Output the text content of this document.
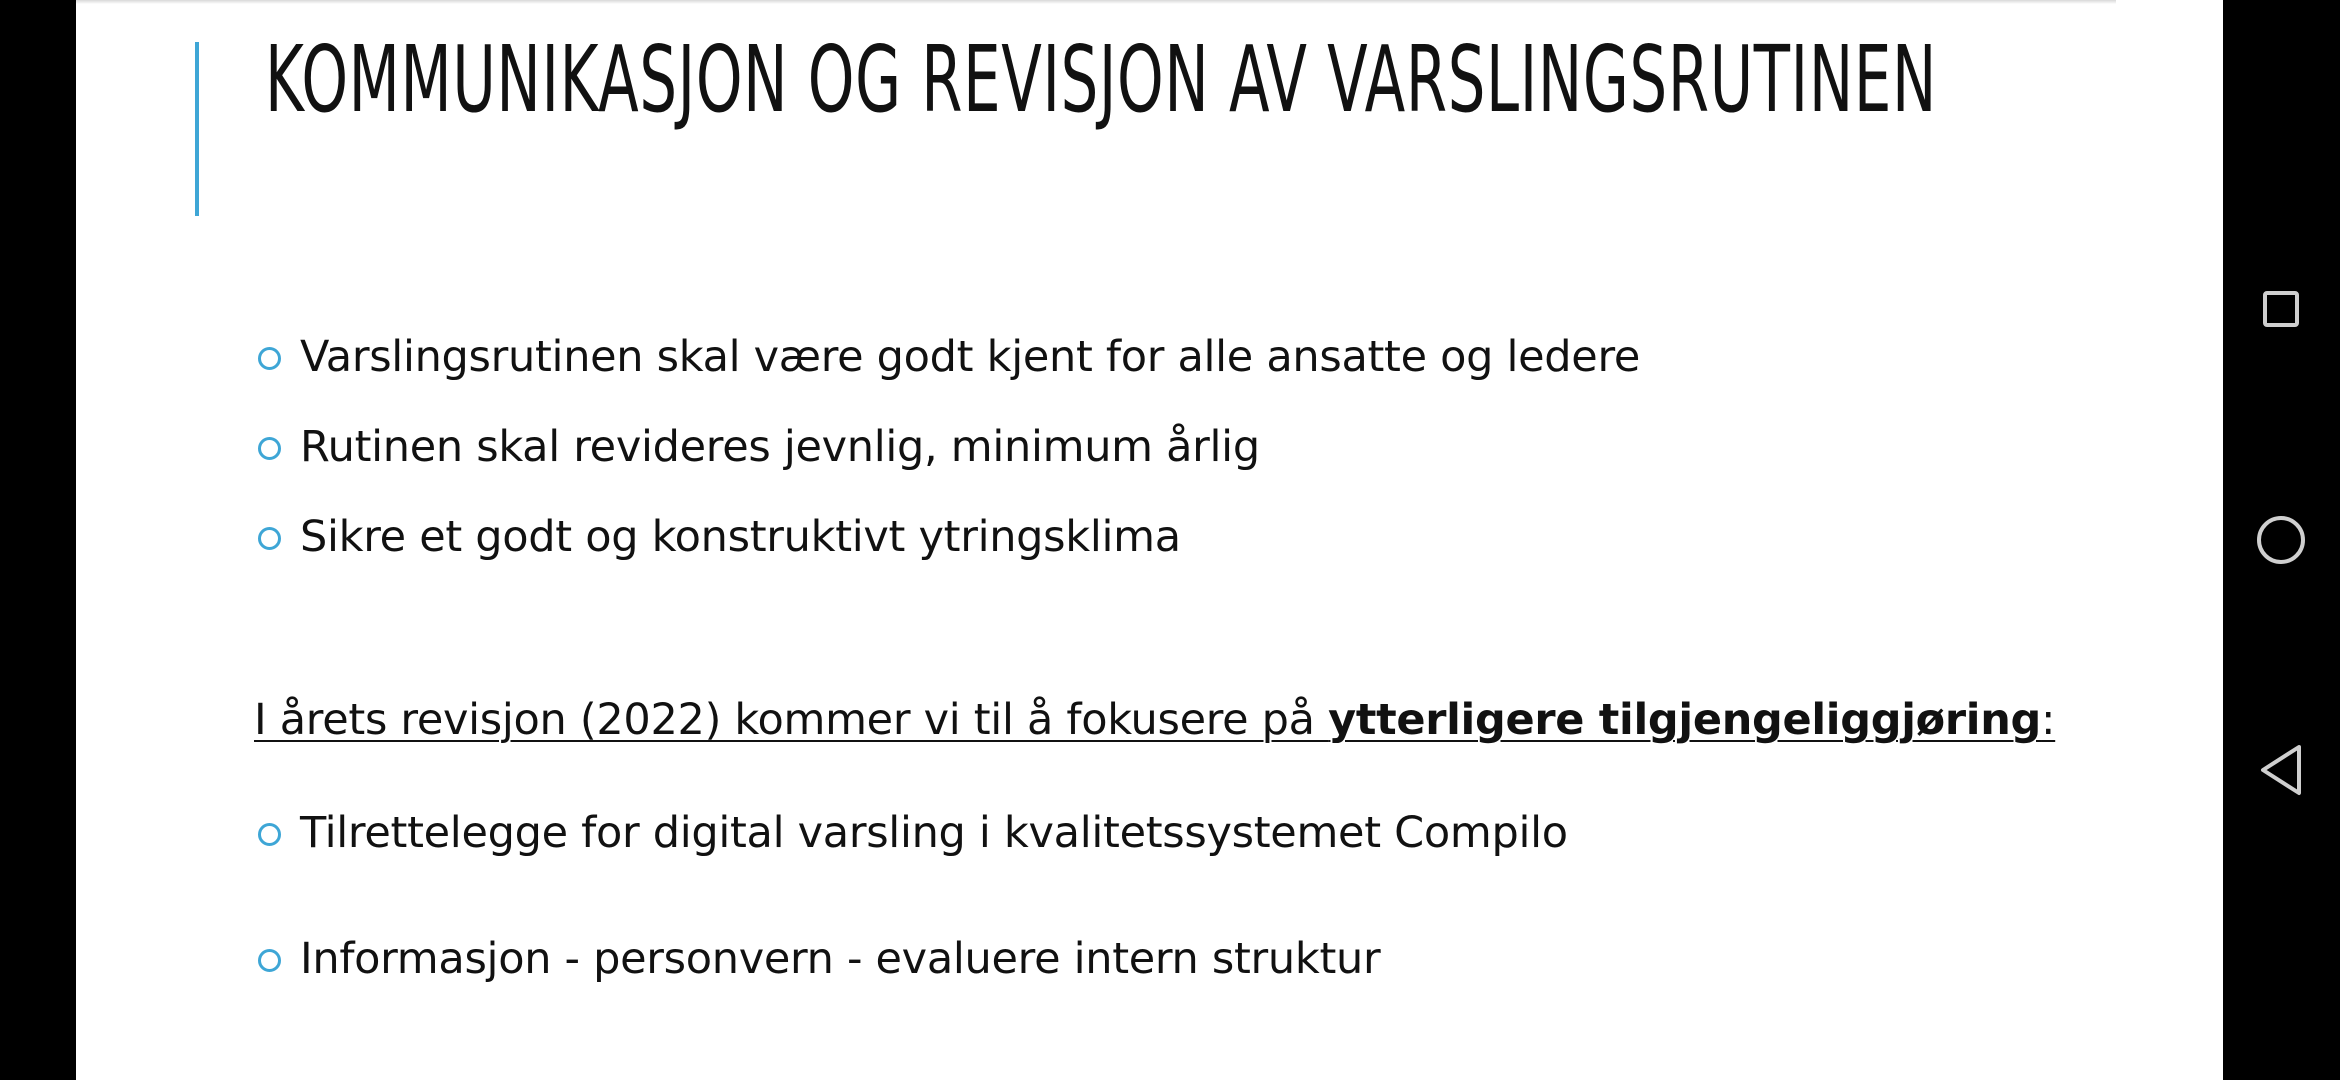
KOMMUNIKASJON OG REVISJON AV VARSLINGSRUTINEN
Varslingsrutinen skal være godt kjent for alle ansatte og ledere
Rutinen skal revideres jevnlig, minimum årlig
Sikre et godt og konstruktivt ytringsklima

I årets revisjon (2022) kommer vi til å fokusere på ytterligere tilgjengeliggjøring:

Tilrettelegge for digital varsling i kvalitetssystemet Compilo
Informasjon - personvern - evaluere intern struktur
